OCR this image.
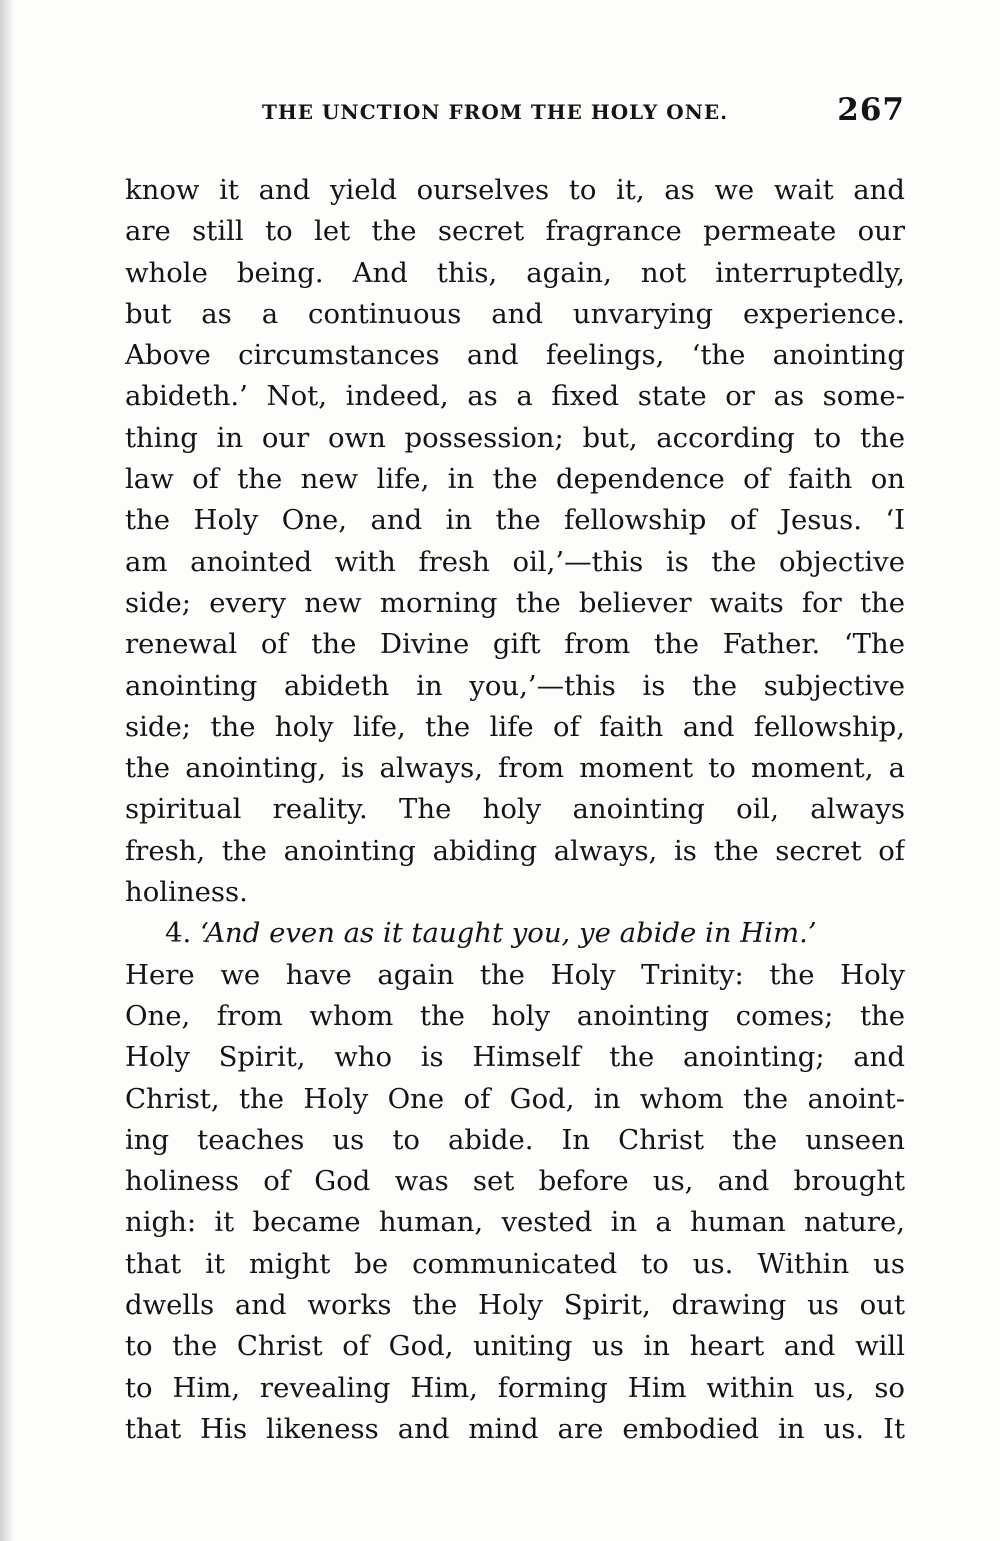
THE UNCTION FROM THE HOLY ONE.	267
know it and yield ourselves to it, as we wait and
are still to let the secret fragrance permeate our
whole being. And this, again, not interruptedly,
but as a continuous and unvarying experience.
Above circumstances and feelings, ‘the anointing
abideth.’ Not, indeed, as a fixed state or as some-
thing in our own possession; but, according to the
law of the new life, in the dependence of faith on
the Holy One, and in the fellowship of Jesus. ‘I
am anointed with fresh oil,’—this is the objective
side; every new morning the believer waits for the
renewal of the Divine gift from the Father. ‘The
anointing abideth in you,’—this is the subjective
side; the holy life, the life of faith and fellowship,
the anointing, is always, from moment to moment, a
spiritual reality. The holy anointing oil, always
fresh, the anointing abiding always, is the secret of
holiness.
4. ‘And even as it taught you, ye abide in Him.’
Here we have again the Holy Trinity: the Holy
One, from whom the holy anointing comes; the
Holy Spirit, who is Himself the anointing; and
Christ, the Holy One of God, in whom the anoint-
ing teaches us to abide. In Christ the unseen
holiness of God was set before us, and brought
nigh: it became human, vested in a human nature,
that it might be communicated to us. Within us
dwells and works the Holy Spirit, drawing us out
to the Christ of God, uniting us in heart and will
to Him, revealing Him, forming Him within us, so
that His likeness and mind are embodied in us. It
